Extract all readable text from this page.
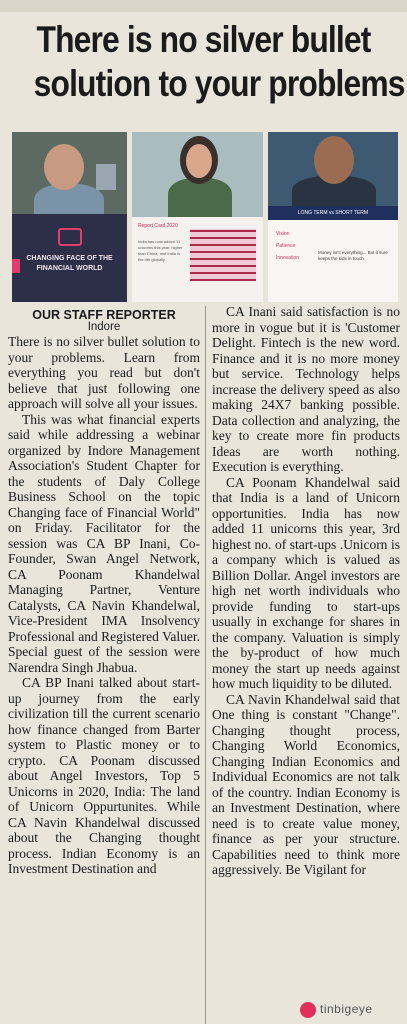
There is no silver bullet
solution to your problems
CHANGING FACE OF THE FINANCIAL WORLD
Report Card 2020
India has now added 11 unicorns this year, higher than China, and India is the 4th globally
LONG TERM vs SHORT TERM
Vision
Patience
Innovation
Money isn't everything... But it sure keeps the kids in touch
OUR STAFF REPORTER
Indore

There is no silver bullet solution to your problems. Learn from everything you read but don't believe that just following one approach will solve all your issues.

This was what financial experts said while addressing a webinar organized by Indore Management Association's Student Chapter for the students of Daly College Business School on the topic Changing face of Financial World" on Friday. Facilitator for the session was CA BP Inani, Co-Founder, Swan Angel Network, CA Poonam Khandelwal Managing Partner, Venture Catalysts, CA Navin Khandelwal, Vice-President IMA Insolvency Professional and Registered Valuer. Special guest of the session were Narendra Singh Jhabua.

CA BP Inani talked about start-up journey from the early civilization till the current scenario how finance changed from Barter system to Plastic money or to crypto. CA Poonam discussed about Angel Investors, Top 5 Unicorns in 2020, India: The land of Unicorn Oppurtunites. While CA Navin Khandelwal discussed about the Changing thought process. Indian Economy is an Investment Destination and

CA Inani said satisfaction is no more in vogue but it is 'Customer Delight. Fintech is the new word. Finance and it is no more money but service. Technology helps increase the delivery speed as also making 24X7 banking possible. Data collection and analyzing, the key to create more fin products Ideas are worth nothing. Execution is everything.

CA Poonam Khandelwal said that India is a land of Unicorn opportunities. India has now added 11 unicorns this year, 3rd highest no. of start-ups .Unicorn is a company which is valued as Billion Dollar. Angel investors are high net worth individuals who provide funding to start-ups usually in exchange for shares in the company. Valuation is simply the by-product of how much money the start up needs against how much liquidity to be diluted.

CA Navin Khandelwal said that One thing is constant "Change". Changing thought process, Changing World Economics, Changing Indian Economics and Individual Economics are not talk of the country. Indian Economy is an Investment Destination, where need is to create value money, finance as per your structure. Capabilities need to think more aggressively. Be Vigilant for

tinbigeye
